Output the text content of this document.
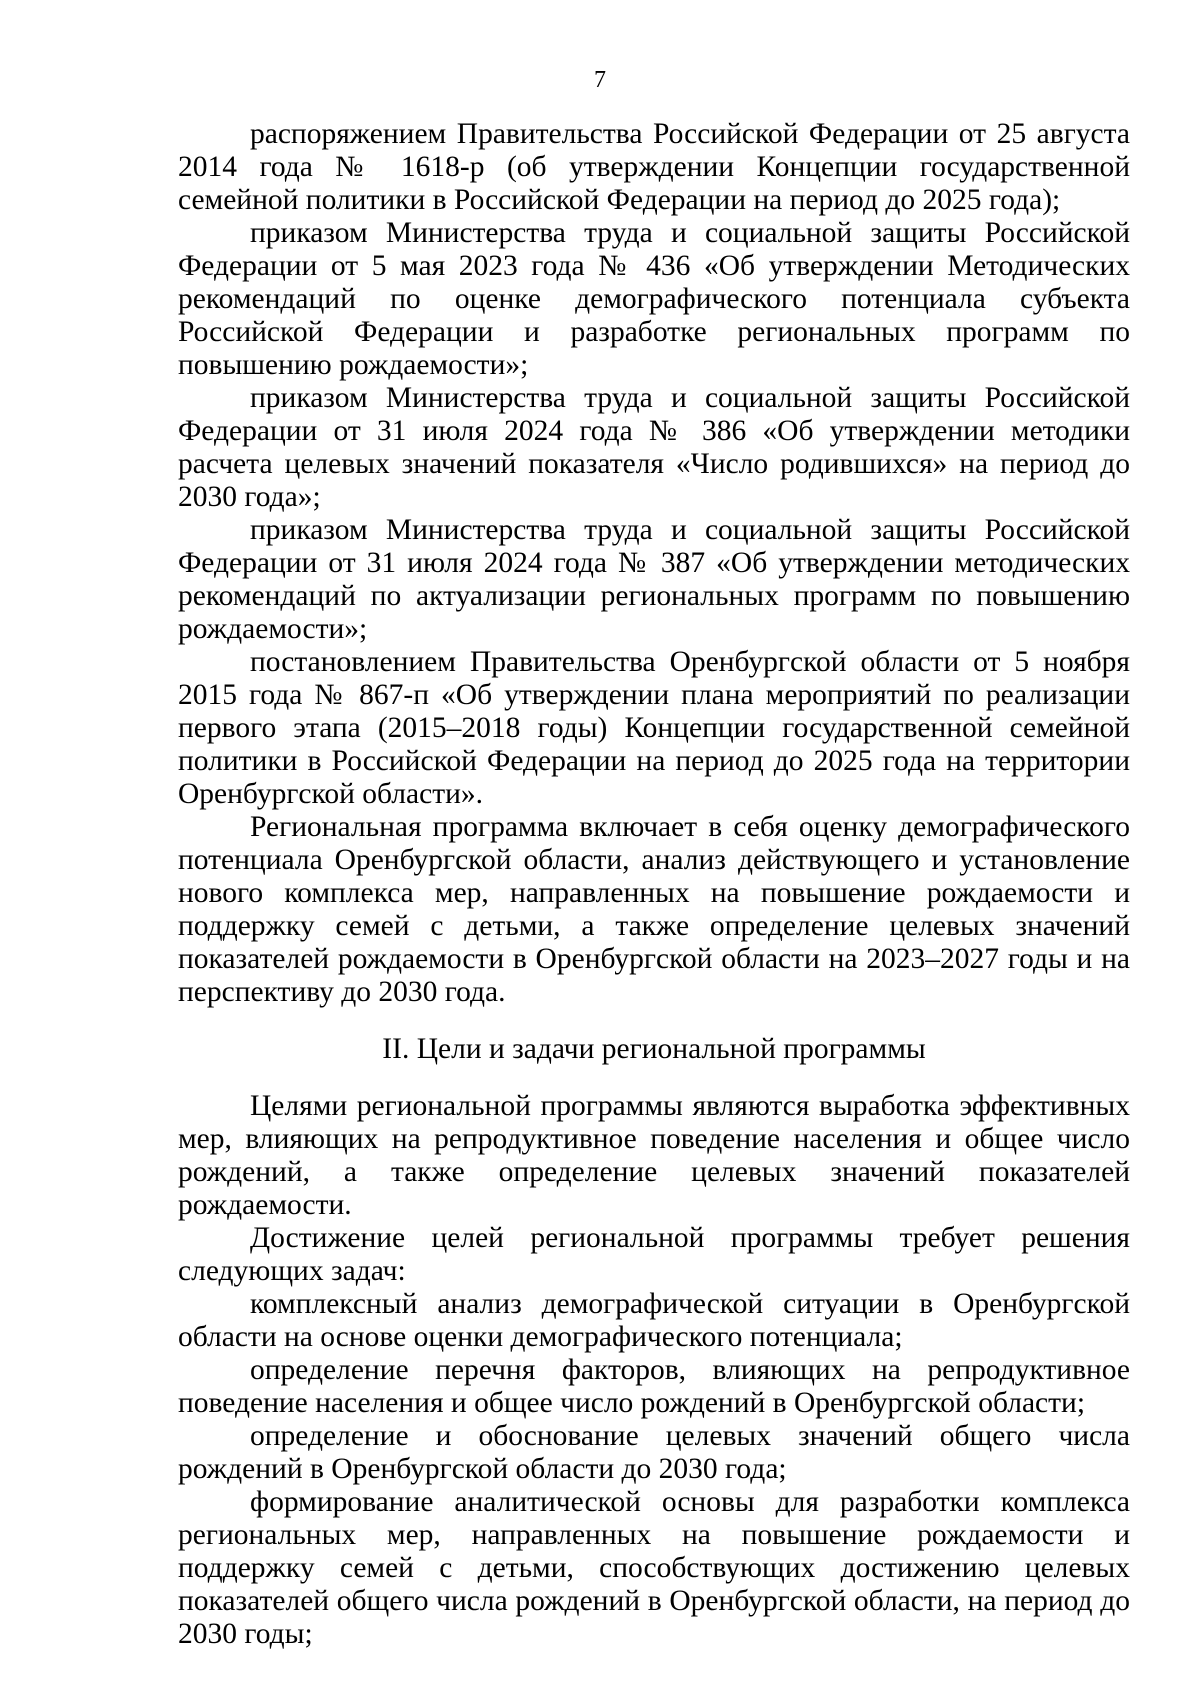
7

распоряжением Правительства Российской Федерации от 25 августа 2014 года № 1618-р (об утверждении Концепции государственной семейной политики в Российской Федерации на период до 2025 года);

приказом Министерства труда и социальной защиты Российской Федерации от 5 мая 2023 года № 436 «Об утверждении Методических рекомендаций по оценке демографического потенциала субъекта Российской Федерации и разработке региональных программ по повышению рождаемости»;

приказом Министерства труда и социальной защиты Российской Федерации от 31 июля 2024 года № 386 «Об утверждении методики расчета целевых значений показателя «Число родившихся» на период до 2030 года»;

приказом Министерства труда и социальной защиты Российской Федерации от 31 июля 2024 года № 387 «Об утверждении методических рекомендаций по актуализации региональных программ по повышению рождаемости»;

постановлением Правительства Оренбургской области от 5 ноября 2015 года № 867-п «Об утверждении плана мероприятий по реализации первого этапа (2015–2018 годы) Концепции государственной семейной политики в Российской Федерации на период до 2025 года на территории Оренбургской области».

Региональная программа включает в себя оценку демографического потенциала Оренбургской области, анализ действующего и установление нового комплекса мер, направленных на повышение рождаемости и поддержку семей с детьми, а также определение целевых значений показателей рождаемости в Оренбургской области на 2023–2027 годы и на перспективу до 2030 года.

II. Цели и задачи региональной программы

Целями региональной программы являются выработка эффективных мер, влияющих на репродуктивное поведение населения и общее число рождений, а также определение целевых значений показателей рождаемости.

Достижение целей региональной программы требует решения следующих задач:

комплексный анализ демографической ситуации в Оренбургской области на основе оценки демографического потенциала;

определение перечня факторов, влияющих на репродуктивное поведение населения и общее число рождений в Оренбургской области;

определение и обоснование целевых значений общего числа рождений в Оренбургской области до 2030 года;

формирование аналитической основы для разработки комплекса региональных мер, направленных на повышение рождаемости и поддержку семей с детьми, способствующих достижению целевых показателей общего числа рождений в Оренбургской области, на период до 2030 годы;
